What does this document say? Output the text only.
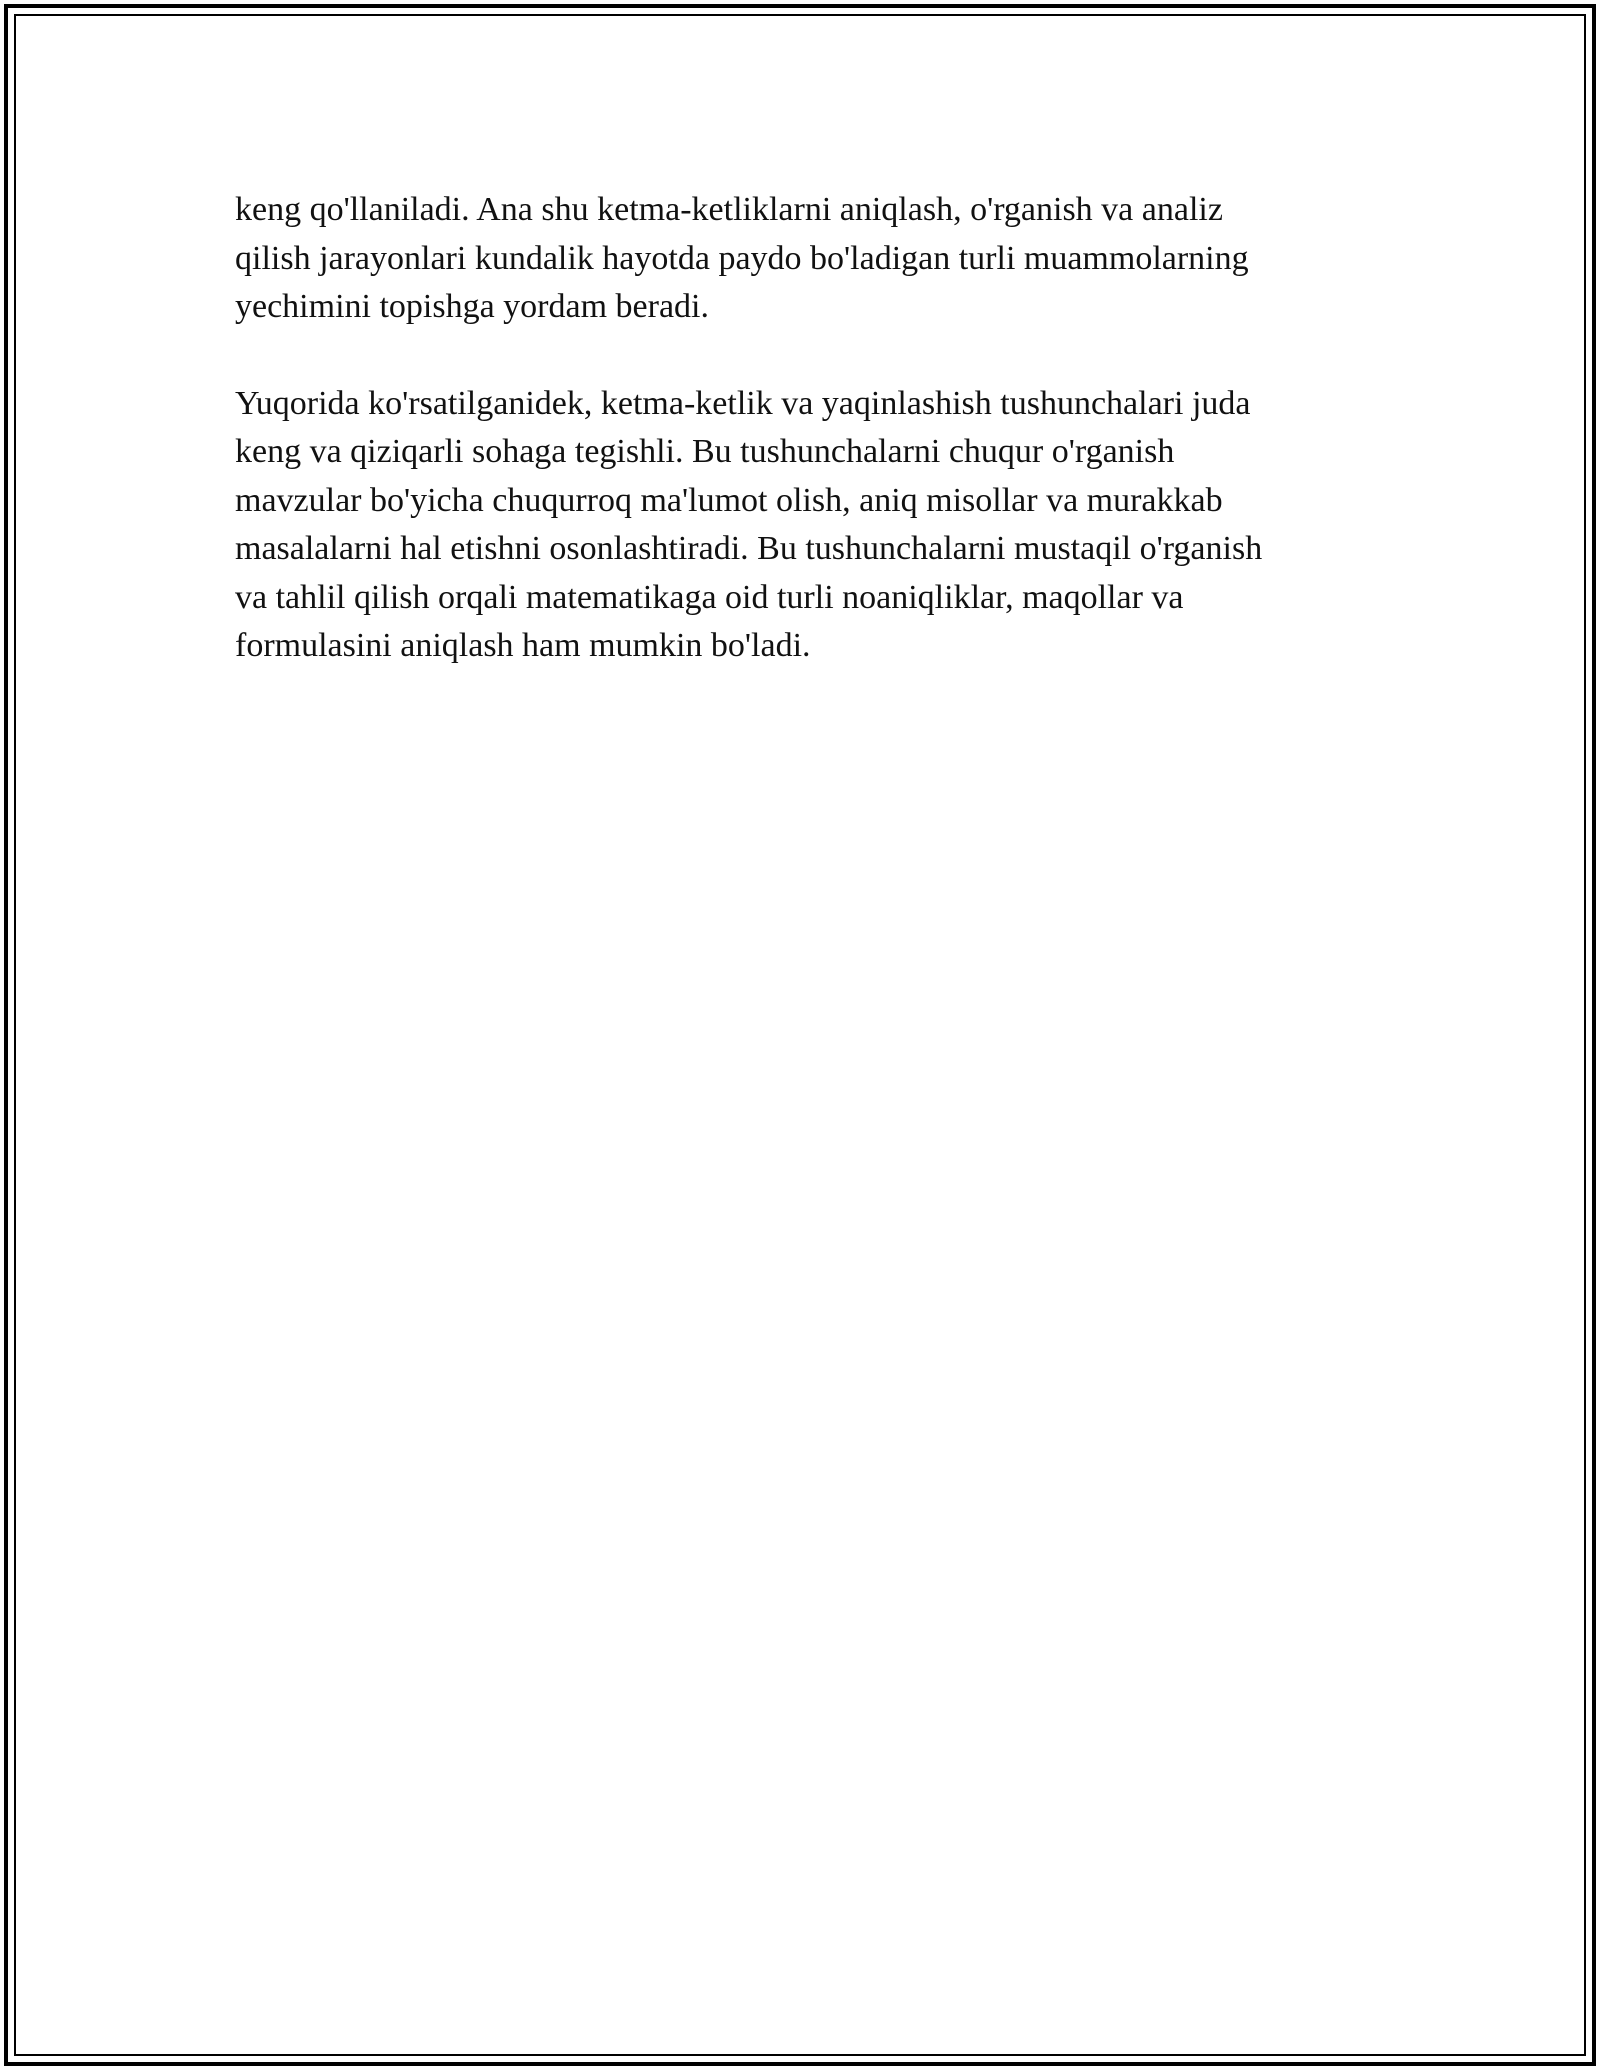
keng qo'llaniladi. Ana shu ketma-ketliklarni aniqlash, o'rganish va analiz
qilish jarayonlari kundalik hayotda paydo bo'ladigan turli muammolarning
yechimini topishga yordam beradi.

Yuqorida ko'rsatilganidek, ketma-ketlik va yaqinlashish tushunchalari juda
keng va qiziqarli sohaga tegishli. Bu tushunchalarni chuqur o'rganish
mavzular bo'yicha chuqurroq ma'lumot olish, aniq misollar va murakkab
masalalarni hal etishni osonlashtiradi. Bu tushunchalarni mustaqil o'rganish
va tahlil qilish orqali matematikaga oid turli noaniqliklar, maqollar va
formulasini aniqlash ham mumkin bo'ladi.
